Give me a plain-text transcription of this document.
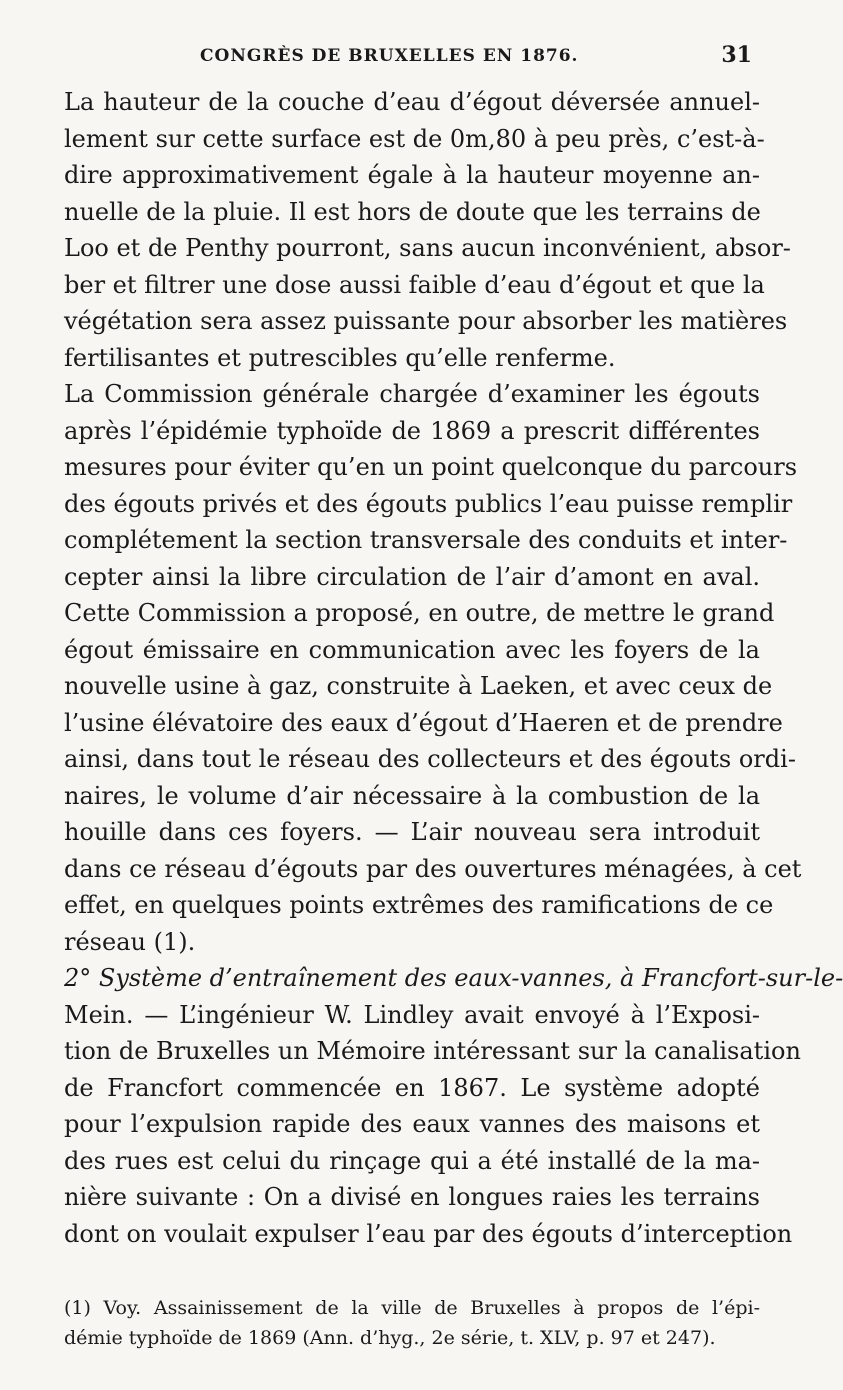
CONGRÈS DE BRUXELLES EN 1876.	31
La hauteur de la couche d’eau d’égout déversée annuel-
lement sur cette surface est de 0m,80 à peu près, c’est-à-
dire approximativement égale à la hauteur moyenne an-
nuelle de la pluie. Il est hors de doute que les terrains de
Loo et de Penthy pourront, sans aucun inconvénient, absor-
ber et filtrer une dose aussi faible d’eau d’égout et que la
végétation sera assez puissante pour absorber les matières
fertilisantes et putrescibles qu’elle renferme.
La Commission générale chargée d’examiner les égouts
après l’épidémie typhoïde de 1869 a prescrit différentes
mesures pour éviter qu’en un point quelconque du parcours
des égouts privés et des égouts publics l’eau puisse remplir
complétement la section transversale des conduits et inter-
cepter ainsi la libre circulation de l’air d’amont en aval.
Cette Commission a proposé, en outre, de mettre le grand
égout émissaire en communication avec les foyers de la
nouvelle usine à gaz, construite à Laeken, et avec ceux de
l’usine élévatoire des eaux d’égout d’Haeren et de prendre
ainsi, dans tout le réseau des collecteurs et des égouts ordi-
naires, le volume d’air nécessaire à la combustion de la
houille dans ces foyers. — L’air nouveau sera introduit
dans ce réseau d’égouts par des ouvertures ménagées, à cet
effet, en quelques points extrêmes des ramifications de ce
réseau (1).
2° Système d’entraînement des eaux-vannes, à Francfort-sur-le-
Mein. — L’ingénieur W. Lindley avait envoyé à l’Exposi-
tion de Bruxelles un Mémoire intéressant sur la canalisation
de Francfort commencée en 1867. Le système adopté
pour l’expulsion rapide des eaux vannes des maisons et
des rues est celui du rinçage qui a été installé de la ma-
nière suivante : On a divisé en longues raies les terrains
dont on voulait expulser l’eau par des égouts d’interception
(1) Voy. Assainissement de la ville de Bruxelles à propos de l’épi-
démie typhoïde de 1869 (Ann. d’hyg., 2e série, t. XLV, p. 97 et 247).
